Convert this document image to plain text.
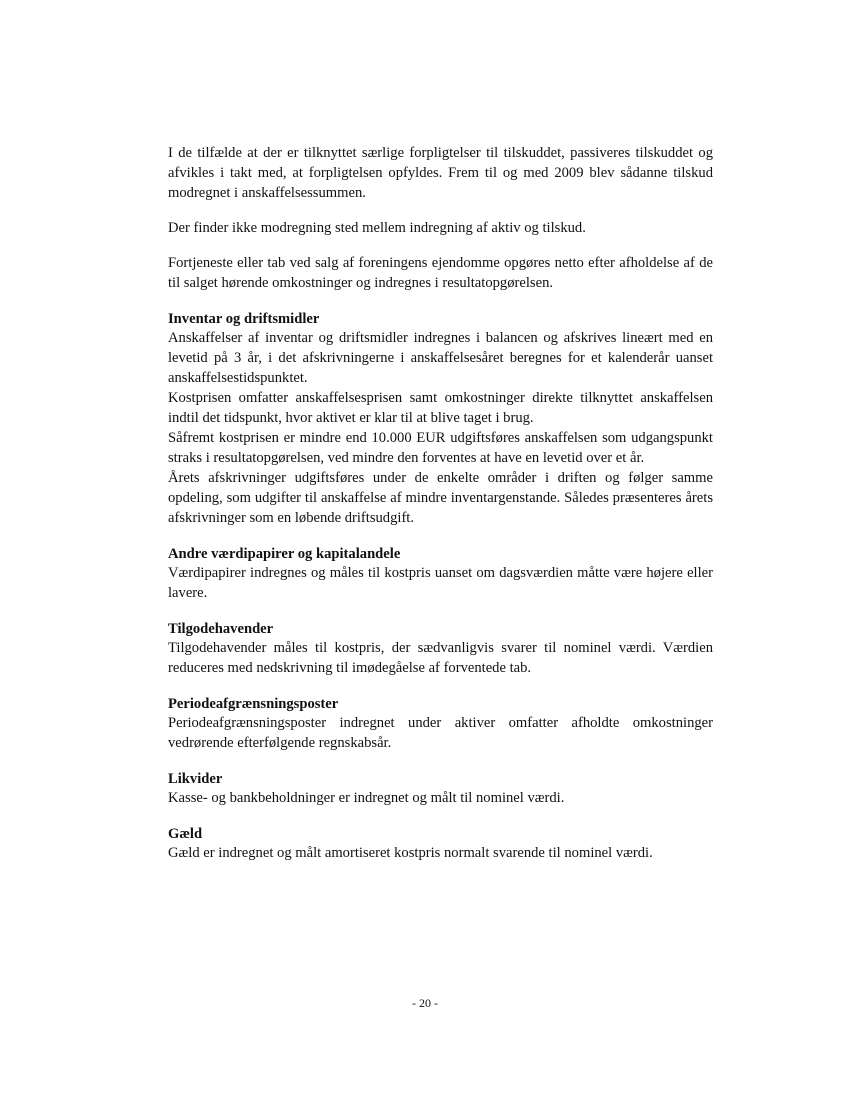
I de tilfælde at der er tilknyttet særlige forpligtelser til tilskuddet, passiveres tilskuddet og afvikles i takt med, at forpligtelsen opfyldes. Frem til og med 2009 blev sådanne tilskud modregnet i anskaffelsessummen.

Der finder ikke modregning sted mellem indregning af aktiv og tilskud.

Fortjeneste eller tab ved salg af foreningens ejendomme opgøres netto efter afholdelse af de til salget hørende omkostninger og indregnes i resultatopgørelsen.

Inventar og driftsmidler

Anskaffelser af inventar og driftsmidler indregnes i balancen og afskrives lineært med en levetid på 3 år, i det afskrivningerne i anskaffelsesåret beregnes for et kalenderår uanset anskaffelsestidspunktet.

Kostprisen omfatter anskaffelsesprisen samt omkostninger direkte tilknyttet anskaffelsen indtil det tidspunkt, hvor aktivet er klar til at blive taget i brug.

Såfremt kostprisen er mindre end 10.000 EUR udgiftsføres anskaffelsen som udgangspunkt straks i resultatopgørelsen, ved mindre den forventes at have en levetid over et år.

Årets afskrivninger udgiftsføres under de enkelte områder i driften og følger samme opdeling, som udgifter til anskaffelse af mindre inventargenstande. Således præsenteres årets afskrivninger som en løbende driftsudgift.

Andre værdipapirer og kapitalandele

Værdipapirer indregnes og måles til kostpris uanset om dagsværdien måtte være højere eller lavere.

Tilgodehavender

Tilgodehavender måles til kostpris, der sædvanligvis svarer til nominel værdi. Værdien reduceres med nedskrivning til imødegåelse af forventede tab.

Periodeafgrænsningsposter

Periodeafgrænsningsposter indregnet under aktiver omfatter afholdte omkostninger vedrørende efterfølgende regnskabsår.

Likvider

Kasse- og bankbeholdninger er indregnet og målt til nominel værdi.

Gæld

Gæld er indregnet og målt amortiseret kostpris normalt svarende til nominel værdi.

- 20 -
